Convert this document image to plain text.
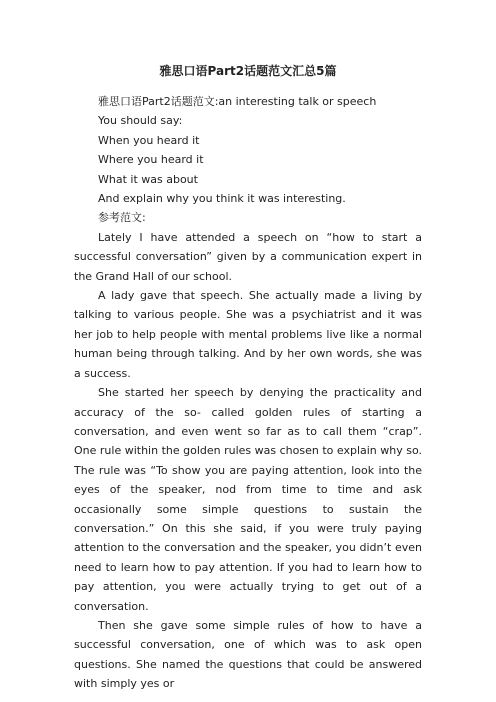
雅思口语Part2话题范文汇总5篇

雅思口语Part2话题范文:an interesting talk or speech

You should say:

When you heard it

Where you heard it

What it was about

And explain why you think it was interesting.

参考范文:

Lately I have attended a speech on “how to start a successful conversation” given by a communication expert in the Grand Hall of our school.

A lady gave that speech. She actually made a living by talking to various people. She was a psychiatrist and it was her job to help people with mental problems live like a normal human being through talking. And by her own words, she was a success.

She started her speech by denying the practicality and accuracy of the so- called golden rules of starting a conversation, and even went so far as to call them “crap”. One rule within the golden rules was chosen to explain why so. The rule was “To show you are paying attention, look into the eyes of the speaker, nod from time to time and ask occasionally some simple questions to sustain the conversation.” On this she said, if you were truly paying attention to the conversation and the speaker, you didn’t even need to learn how to pay attention. If you had to learn how to pay attention, you were actually trying to get out of a conversation.

Then she gave some simple rules of how to have a successful conversation, one of which was to ask open questions. She named the questions that could be answered with simply yes or
